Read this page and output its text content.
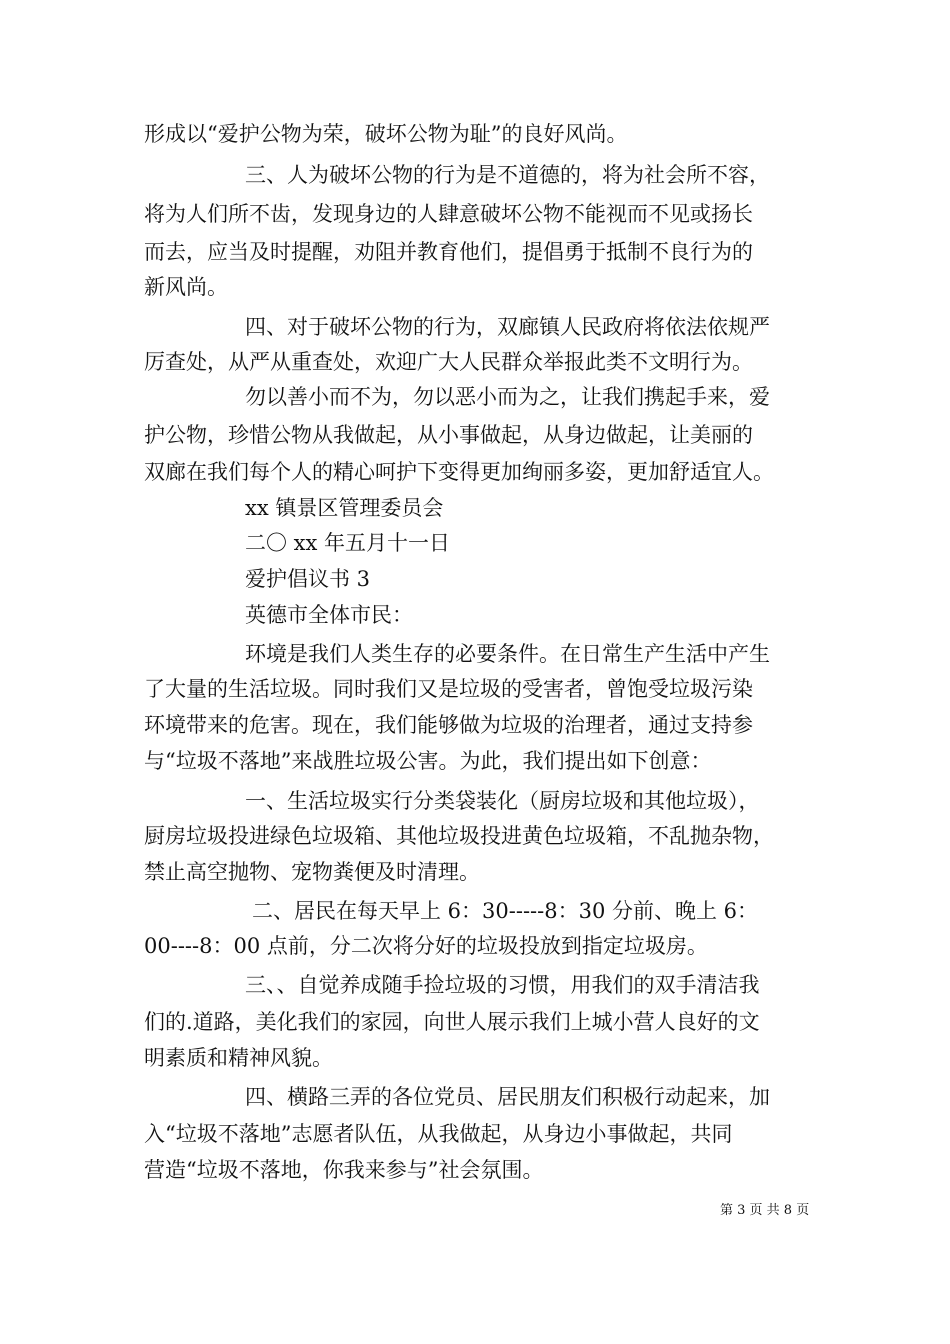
形成以“爱护公物为荣，破坏公物为耻”的良好风尚。
三、人为破坏公物的行为是不道德的，将为社会所不容，
将为人们所不齿，发现身边的人肆意破坏公物不能视而不见或扬长
而去，应当及时提醒，劝阻并教育他们，提倡勇于抵制不良行为的
新风尚。
四、对于破坏公物的行为，双廊镇人民政府将依法依规严
厉查处，从严从重查处，欢迎广大人民群众举报此类不文明行为。
勿以善小而不为，勿以恶小而为之，让我们携起手来，爱
护公物，珍惜公物从我做起，从小事做起，从身边做起，让美丽的
双廊在我们每个人的精心呵护下变得更加绚丽多姿，更加舒适宜人。
xx 镇景区管理委员会
二〇 xx 年五月十一日
爱护倡议书 3
英德市全体市民：
环境是我们人类生存的必要条件。在日常生产生活中产生
了大量的生活垃圾。同时我们又是垃圾的受害者，曾饱受垃圾污染
环境带来的危害。现在，我们能够做为垃圾的治理者，通过支持参
与“垃圾不落地”来战胜垃圾公害。为此，我们提出如下创意：
一、生活垃圾实行分类袋装化（厨房垃圾和其他垃圾），
厨房垃圾投进绿色垃圾箱、其他垃圾投进黄色垃圾箱，不乱抛杂物，
禁止高空抛物、宠物粪便及时清理。
二、居民在每天早上 6：30-----8：30 分前、晚上 6：
00----8：00 点前，分二次将分好的垃圾投放到指定垃圾房。
三、、自觉养成随手捡垃圾的习惯，用我们的双手清洁我
们的.道路，美化我们的家园，向世人展示我们上城小营人良好的文
明素质和精神风貌。
四、横路三弄的各位党员、居民朋友们积极行动起来，加
入“垃圾不落地”志愿者队伍，从我做起，从身边小事做起，共同
营造“垃圾不落地，你我来参与”社会氛围。
第 3 页 共 8 页
